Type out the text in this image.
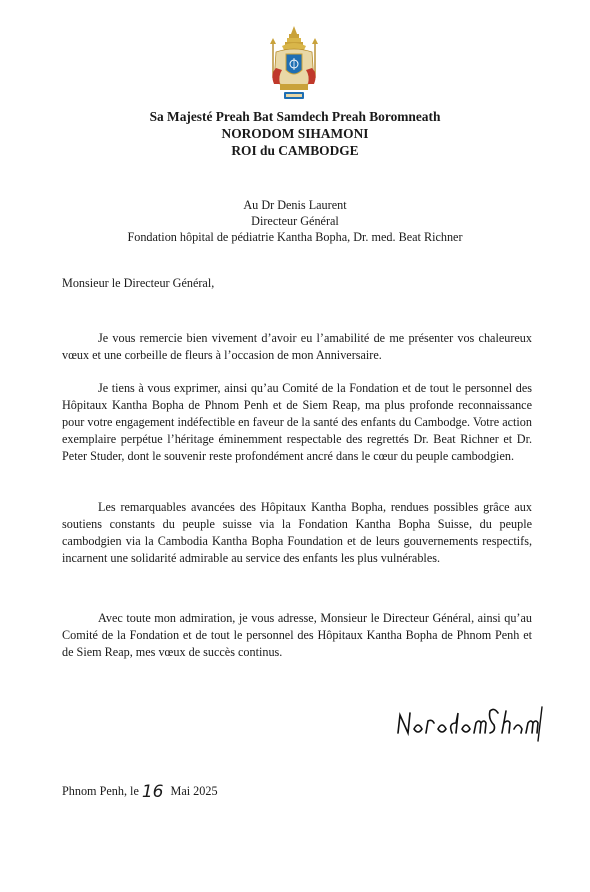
Sa Majesté Preah Bat Samdech Preah Boromneath
NORODOM SIHAMONI
ROI du CAMBODGE
Au Dr Denis Laurent
Directeur Général
Fondation hôpital de pédiatrie Kantha Bopha, Dr. med. Beat Richner
Monsieur le Directeur Général,

Je vous remercie bien vivement d’avoir eu l’amabilité de me présenter vos chaleureux vœux et une corbeille de fleurs à l’occasion de mon Anniversaire.

Je tiens à vous exprimer, ainsi qu’au Comité de la Fondation et de tout le personnel des Hôpitaux Kantha Bopha de Phnom Penh et de Siem Reap, ma plus profonde reconnaissance pour votre engagement indéfectible en faveur de la santé des enfants du Cambodge. Votre action exemplaire perpétue l’héritage éminemment respectable des regrettés Dr. Beat Richner et Dr. Peter Studer, dont le souvenir reste profondément ancré dans le cœur du peuple cambodgien.

Les remarquables avancées des Hôpitaux Kantha Bopha, rendues possibles grâce aux soutiens constants du peuple suisse via la Fondation Kantha Bopha Suisse, du peuple cambodgien via la Cambodia Kantha Bopha Foundation et de leurs gouvernements respectifs, incarnent une solidarité admirable au service des enfants les plus vulnérables.

Avec toute mon admiration, je vous adresse, Monsieur le Directeur Général, ainsi qu’au Comité de la Fondation et de tout le personnel des Hôpitaux Kantha Bopha de Phnom Penh et de Siem Reap, mes vœux de succès continus.

Phnom Penh, le 16 Mai 2025
